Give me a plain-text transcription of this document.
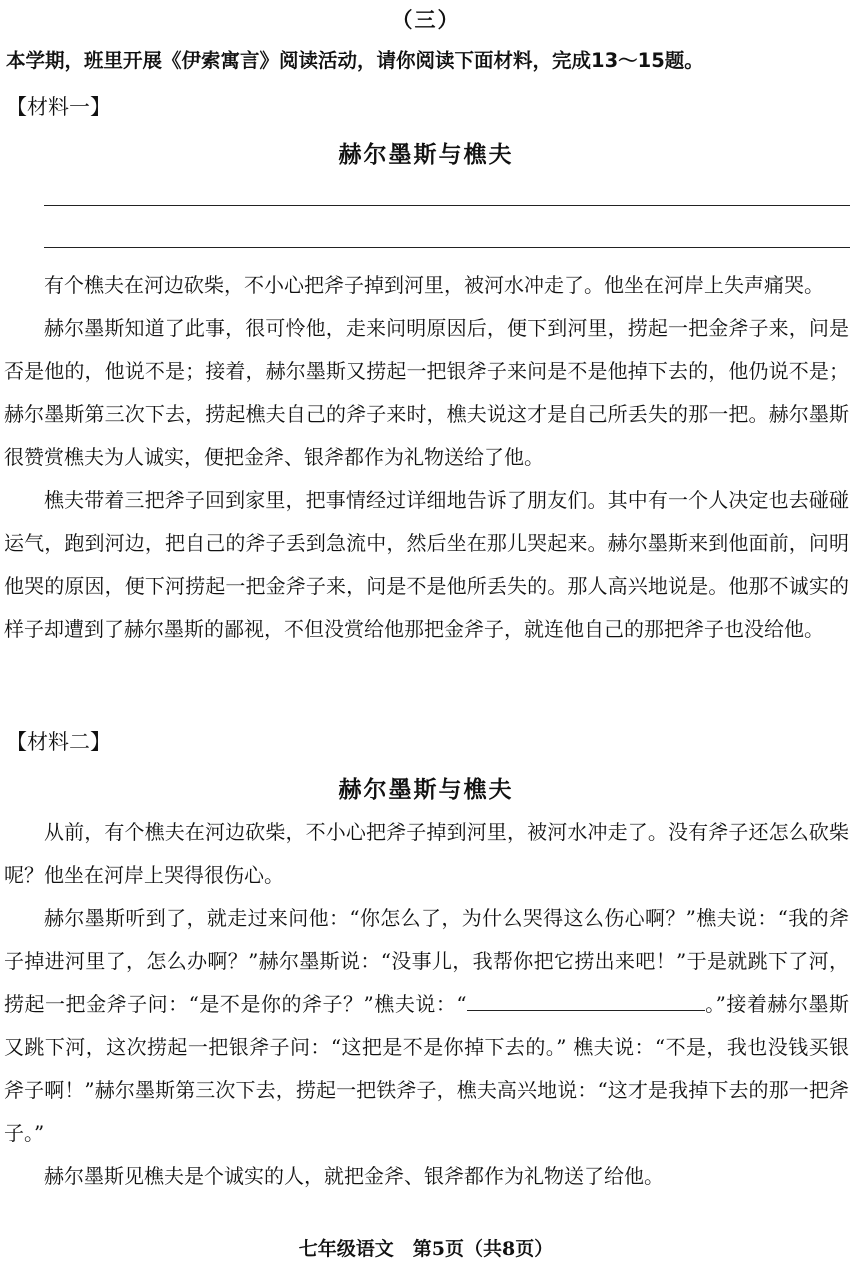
（三）
本学期，班里开展《伊索寓言》阅读活动，请你阅读下面材料，完成13～15题。
【材料一】
赫尔墨斯与樵夫

有个樵夫在河边砍柴，不小心把斧子掉到河里，被河水冲走了。他坐在河岸上失声痛哭。

赫尔墨斯知道了此事，很可怜他，走来问明原因后，便下到河里，捞起一把金斧子来，问是否是他的，他说不是；接着，赫尔墨斯又捞起一把银斧子来问是不是他掉下去的，他仍说不是；赫尔墨斯第三次下去，捞起樵夫自己的斧子来时，樵夫说这才是自己所丢失的那一把。赫尔墨斯很赞赏樵夫为人诚实，便把金斧、银斧都作为礼物送给了他。

樵夫带着三把斧子回到家里，把事情经过详细地告诉了朋友们。其中有一个人决定也去碰碰运气，跑到河边，把自己的斧子丢到急流中，然后坐在那儿哭起来。赫尔墨斯来到他面前，问明他哭的原因，便下河捞起一把金斧子来，问是不是他所丢失的。那人高兴地说是。他那不诚实的样子却遭到了赫尔墨斯的鄙视，不但没赏给他那把金斧子，就连他自己的那把斧子也没给他。

【材料二】
赫尔墨斯与樵夫

从前，有个樵夫在河边砍柴，不小心把斧子掉到河里，被河水冲走了。没有斧子还怎么砍柴呢？他坐在河岸上哭得很伤心。

赫尔墨斯听到了，就走过来问他：“你怎么了，为什么哭得这么伤心啊？”樵夫说：“我的斧子掉进河里了，怎么办啊？”赫尔墨斯说：“没事儿，我帮你把它捞出来吧！”于是就跳下了河，捞起一把金斧子问：“是不是你的斧子？”樵夫说：“	。”接着赫尔墨斯又跳下河，这次捞起一把银斧子问：“这把是不是你掉下去的。” 樵夫说：“不是，我也没钱买银斧子啊！”赫尔墨斯第三次下去，捞起一把铁斧子，樵夫高兴地说：“这才是我掉下去的那一把斧子。”

赫尔墨斯见樵夫是个诚实的人，就把金斧、银斧都作为礼物送了给他。

七年级语文　第5页（共8页）
